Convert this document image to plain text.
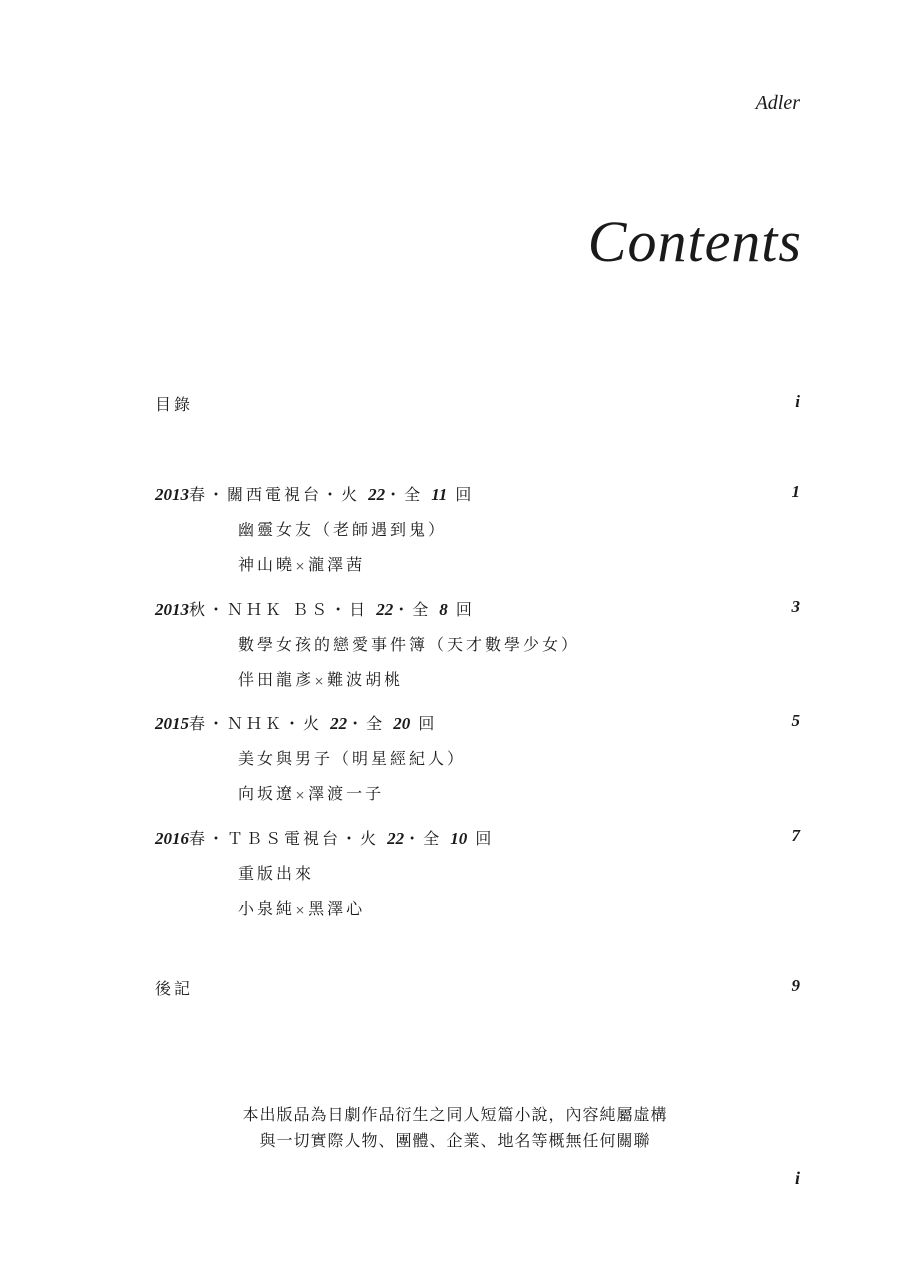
Adler
Contents
目錄	i
2013春・關西電視台・火 22・全 11 回	1
幽靈女友（老師遇到鬼）
神山曉×瀧澤茜
2013秋・ＮＨＫ ＢＳ・日 22・全 8 回	3
數學女孩的戀愛事件簿（天才數學少女）
伴田龍彥×難波胡桃
2015春・ＮＨＫ・火 22・全 20 回	5
美女與男子（明星經紀人）
向坂遼×澤渡一子
2016春・ＴＢＳ電視台・火 22・全 10 回	7
重版出來
小泉純×黑澤心
後記	9
本出版品為日劇作品衍生之同人短篇小說，內容純屬虛構
與一切實際人物、團體、企業、地名等概無任何關聯
i
